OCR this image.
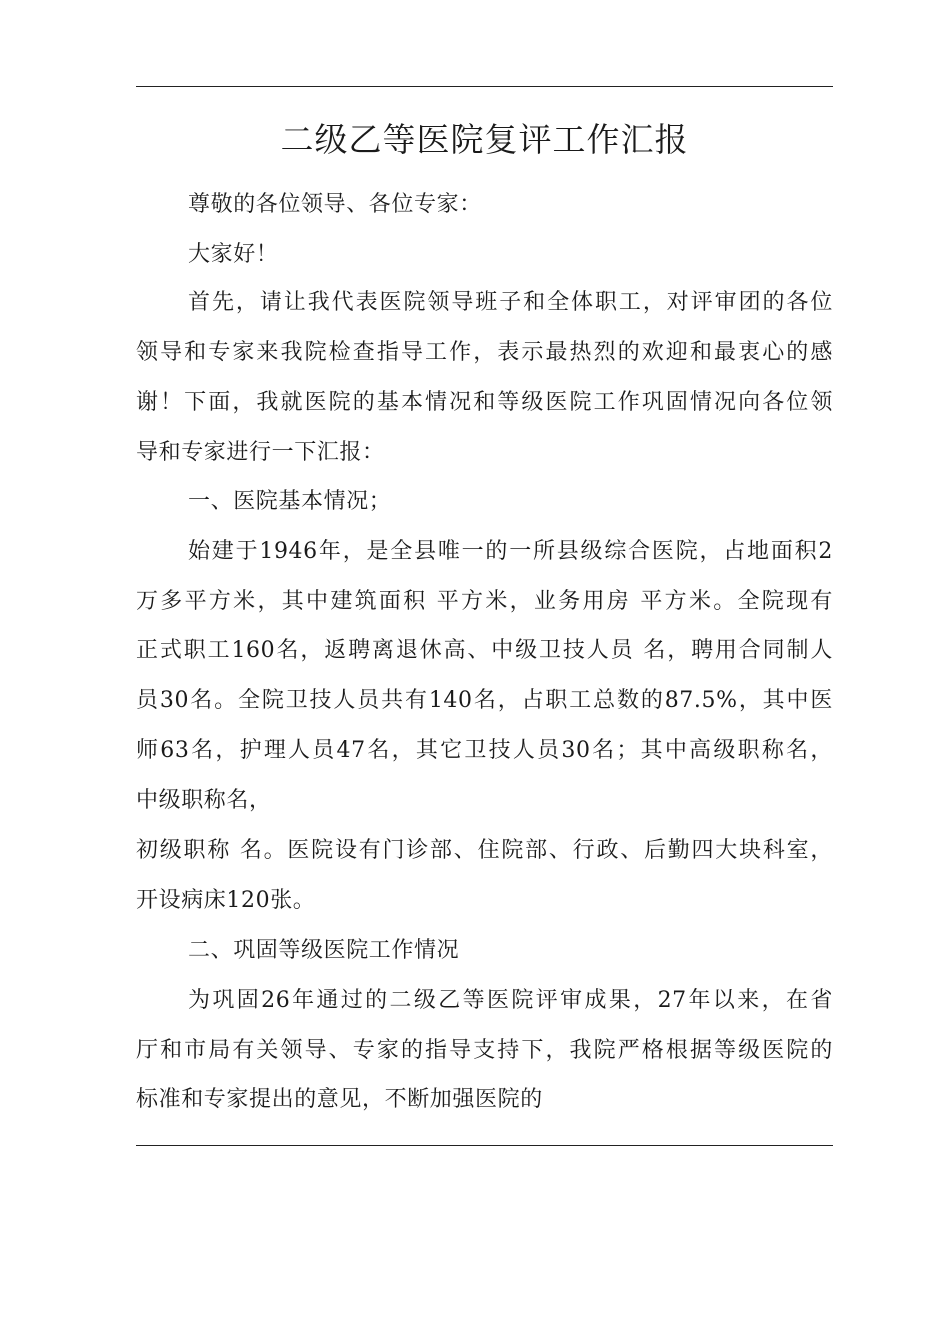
二级乙等医院复评工作汇报
尊敬的各位领导、各位专家：
大家好！
首先，请让我代表医院领导班子和全体职工，对评审团的各位
领导和专家来我院检查指导工作，表示最热烈的欢迎和最衷心的感
谢！下面，我就医院的基本情况和等级医院工作巩固情况向各位领
导和专家进行一下汇报：
一、医院基本情况；
始建于1946年，是全县唯一的一所县级综合医院，占地面积2
万多平方米，其中建筑面积 平方米，业务用房 平方米。全院现有
正式职工160名，返聘离退休高、中级卫技人员 名，聘用合同制人
员30名。全院卫技人员共有140名，占职工总数的87.5%，其中医
师63名，护理人员47名，其它卫技人员30名；其中高级职称名，
中级职称名，
初级职称 名。医院设有门诊部、住院部、行政、后勤四大块科室，
开设病床120张。
二、巩固等级医院工作情况
为巩固26年通过的二级乙等医院评审成果，27年以来，在省
厅和市局有关领导、专家的指导支持下，我院严格根据等级医院的
标准和专家提出的意见，不断加强医院的
